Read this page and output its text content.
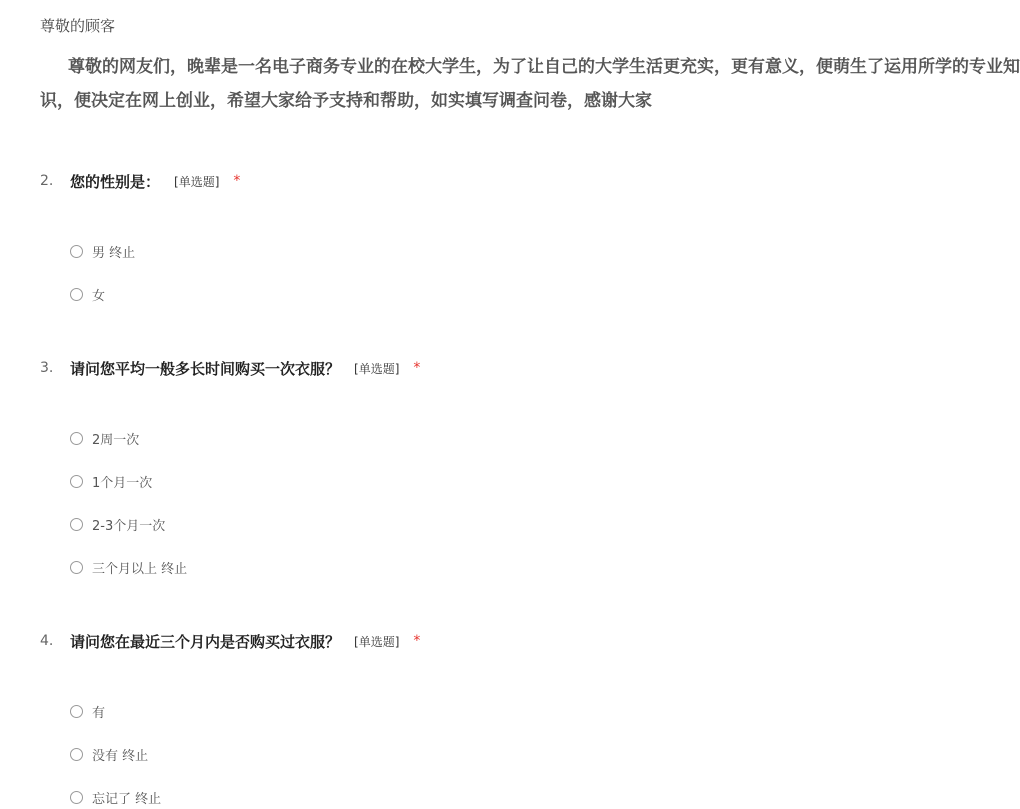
尊敬的顾客
尊敬的网友们，晚辈是一名电子商务专业的在校大学生，为了让自己的大学生活更充实，更有意义，便萌生了运用所学的专业知识，便决定在网上创业，希望大家给予支持和帮助，如实填写调查问卷，感谢大家
2.	您的性别是： [单选题] *
男 终止
女
3.	请问您平均一般多长时间购买一次衣服？ [单选题] *
2周一次
1个月一次
2-3个月一次
三个月以上 终止
4.	请问您在最近三个月内是否购买过衣服？ [单选题] *
有
没有 终止
忘记了 终止
